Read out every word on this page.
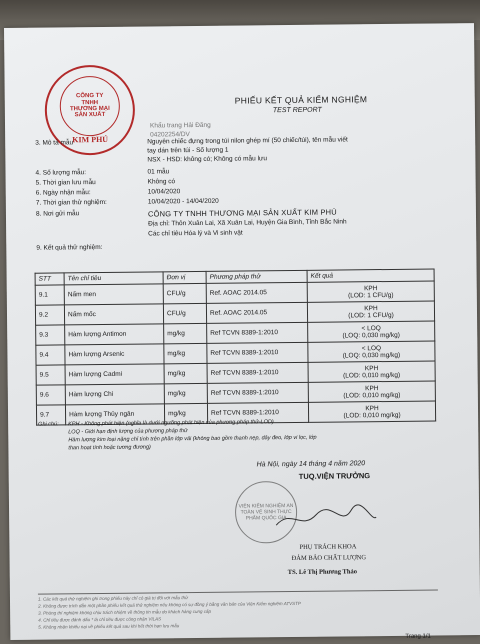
CÔNG TY
TNHH
THƯƠNG MẠI
SẢN XUẤT
KIM PHÚ
PHIẾU KẾT QUẢ KIỂM NGHIỆM
TEST REPORT
Khẩu trang Hải Đăng
04202254/DV
3. Mô tả mẫu	Nguyên chiếc đựng trong túi nilon ghép mí (50 chiếc/túi), tên mẫu viết
tay dán trên túi - Số lượng 1
NSX - HSD: không có; Không có mẫu lưu
4. Số lượng mẫu:	01 mẫu
5. Thời gian lưu mẫu	Không có
6. Ngày nhận mẫu:	10/04/2020
7. Thời gian thử nghiệm:	10/04/2020 - 14/04/2020
8. Nơi gửi mẫu	CÔNG TY TNHH THƯƠNG MẠI SẢN XUẤT KIM PHÚ
Địa chỉ: Thôn Xuân Lai, Xã Xuân Lai, Huyện Gia Bình, Tỉnh Bắc Ninh
Các chỉ tiêu Hóa lý và Vi sinh vật
9. Kết quả thử nghiệm:
STT	Tên chỉ tiêu	Đơn vị	Phương pháp thử	Kết quả
9.1	Nấm men	CFU/g	Ref. AOAC 2014.05	KPH
(LOD: 1 CFU/g)

9.2	Nấm mốc	CFU/g	Ref. AOAC 2014.05	KPH
(LOD: 1 CFU/g)

9.3	Hàm lượng Antimon	mg/kg	Ref TCVN 8389-1:2010	< LOQ
(LOQ: 0,030 mg/kg)

9.4	Hàm lượng Arsenic	mg/kg	Ref TCVN 8389-1:2010	< LOQ
(LOQ: 0,030 mg/kg)

9.5	Hàm lượng Cadmi	mg/kg	Ref TCVN 8389-1:2010	KPH
(LOD: 0,010 mg/kg)

9.6	Hàm lượng Chì	mg/kg	Ref TCVN 8389-1:2010	KPH
(LOD: 0,010 mg/kg)

9.7	Hàm lượng Thủy ngân	mg/kg	Ref TCVN 8389-1:2010	KPH
(LOD: 0,010 mg/kg)
Ghi chú: KPH - Không phát hiện (nghĩa là dưới ngưỡng phát hiện của phương pháp thử-LOD)
LOQ - Giới hạn định lượng của phương pháp thử
Hàm lượng kim loại nặng chỉ tính trên phần lớp vải (không bao gồm thanh nẹp, dây đeo, lớp vi lọc, lớp
than hoạt tính hoặc tương đương)
Hà Nội, ngày 14 tháng 4 năm 2020
TUQ.VIỆN TRƯỞNG
VIỆN KIỂM NGHIỆM AN TOÀN VỆ SINH THỰC PHẨM QUỐC GIA
PHỤ TRÁCH KHOA
ĐẢM BẢO CHẤT LƯỢNG
TS. Lê Thị Phương Thảo
1. Các kết quả thử nghiệm ghi trong phiếu này chỉ có giá trị đối với mẫu thử
2. Không được trích dẫn một phần phiếu kết quả thử nghiệm nếu không có sự đồng ý bằng văn bản của Viện Kiểm nghiệm ATVSTP
3. Phòng thí nghiệm không chịu trách nhiệm về thông tin mẫu do khách hàng cung cấp
4. Chỉ tiêu được đánh dấu * là chỉ tiêu được công nhận VILAS
5. Không nhận khiếu nại về phiếu kết quả sau khi hết thời hạn lưu mẫu
Trang 1/1
